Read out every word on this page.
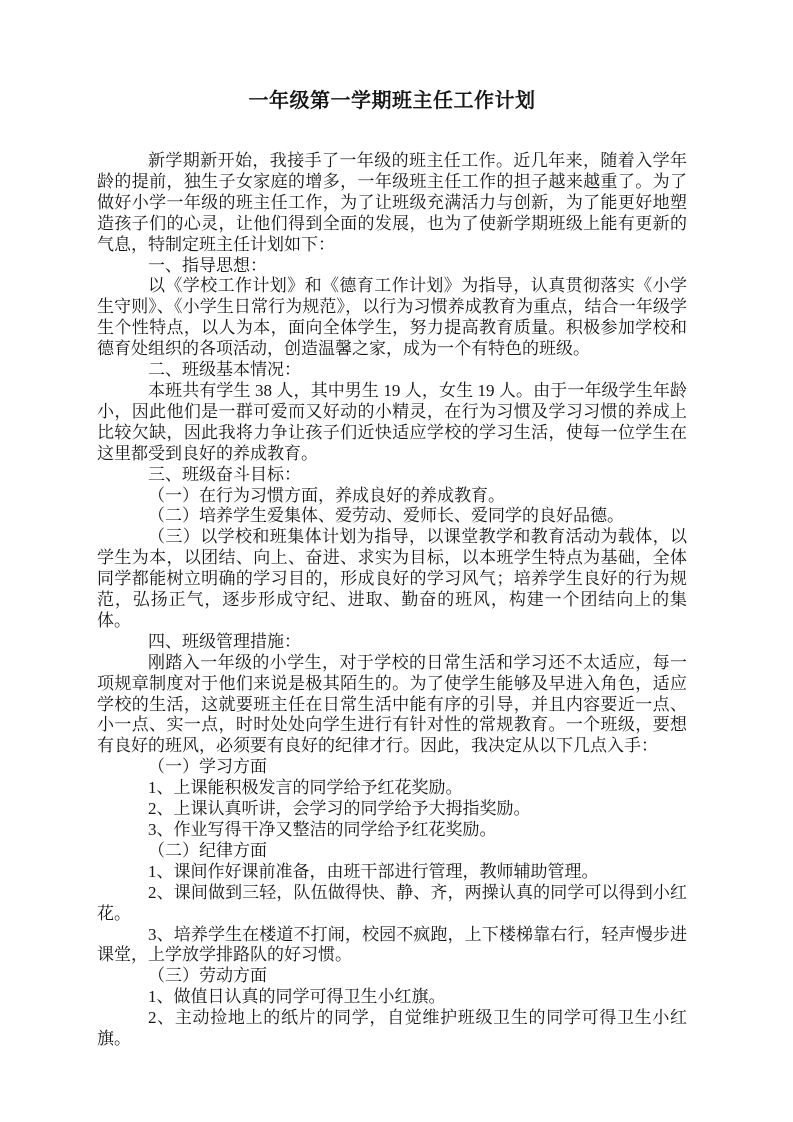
一年级第一学期班主任工作计划

新学期新开始，我接手了一年级的班主任工作。近几年来，随着入学年龄的提前，独生子女家庭的增多，一年级班主任工作的担子越来越重了。为了做好小学一年级的班主任工作，为了让班级充满活力与创新，为了能更好地塑造孩子们的心灵，让他们得到全面的发展，也为了使新学期班级上能有更新的气息，特制定班主任计划如下：

一、指导思想：

以《学校工作计划》和《德育工作计划》为指导，认真贯彻落实《小学生守则》、《小学生日常行为规范》，以行为习惯养成教育为重点，结合一年级学生个性特点，以人为本，面向全体学生，努力提高教育质量。积极参加学校和德育处组织的各项活动，创造温馨之家，成为一个有特色的班级。

二、班级基本情况：

本班共有学生 38 人，其中男生 19 人，女生 19 人。由于一年级学生年龄小，因此他们是一群可爱而又好动的小精灵，在行为习惯及学习习惯的养成上比较欠缺，因此我将力争让孩子们近快适应学校的学习生活，使每一位学生在这里都受到良好的养成教育。

三、班级奋斗目标：

（一）在行为习惯方面，养成良好的养成教育。

（二）培养学生爱集体、爱劳动、爱师长、爱同学的良好品德。

（三）以学校和班集体计划为指导，以课堂教学和教育活动为载体，以学生为本，以团结、向上、奋进、求实为目标，以本班学生特点为基础，全体同学都能树立明确的学习目的，形成良好的学习风气；培养学生良好的行为规范，弘扬正气，逐步形成守纪、进取、勤奋的班风，构建一个团结向上的集体。

四、班级管理措施：

刚踏入一年级的小学生，对于学校的日常生活和学习还不太适应，每一项规章制度对于他们来说是极其陌生的。为了使学生能够及早进入角色，适应学校的生活，这就要班主任在日常生活中能有序的引导，并且内容要近一点、小一点、实一点，时时处处向学生进行有针对性的常规教育。一个班级，要想有良好的班风，必须要有良好的纪律才行。因此，我决定从以下几点入手：

（一）学习方面

1、上课能积极发言的同学给予红花奖励。

2、上课认真听讲，会学习的同学给予大拇指奖励。

3、作业写得干净又整洁的同学给予红花奖励。

（二）纪律方面

1、课间作好课前准备，由班干部进行管理，教师辅助管理。

2、课间做到三轻，队伍做得快、静、齐，两操认真的同学可以得到小红花。

3、培养学生在楼道不打闹，校园不疯跑，上下楼梯靠右行，轻声慢步进课堂，上学放学排路队的好习惯。

（三）劳动方面

1、做值日认真的同学可得卫生小红旗。

2、主动捡地上的纸片的同学，自觉维护班级卫生的同学可得卫生小红旗。
